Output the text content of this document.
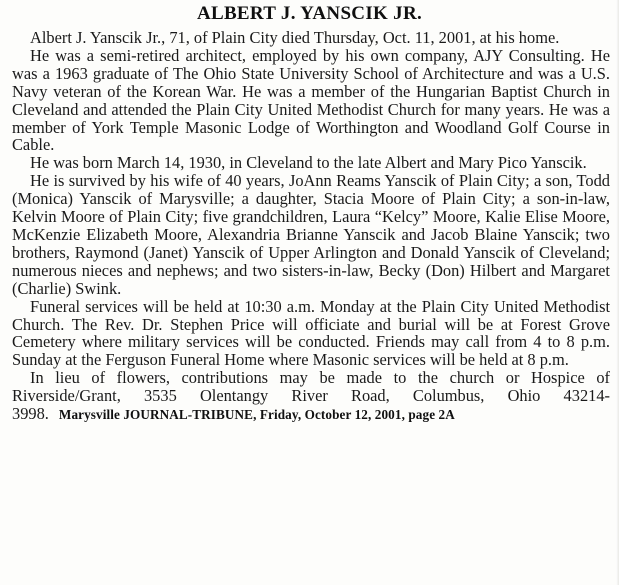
ALBERT J. YANSCIK JR.

Albert J. Yanscik Jr., 71, of Plain City died Thursday, Oct. 11, 2001, at his home.

He was a semi-retired architect, employed by his own company, AJY Consulting. He was a 1963 graduate of The Ohio State University School of Architecture and was a U.S. Navy veteran of the Korean War. He was a member of the Hungarian Baptist Church in Cleveland and attended the Plain City United Methodist Church for many years. He was a member of York Temple Masonic Lodge of Worthington and Woodland Golf Course in Cable.

He was born March 14, 1930, in Cleveland to the late Albert and Mary Pico Yanscik.

He is survived by his wife of 40 years, JoAnn Reams Yanscik of Plain City; a son, Todd (Monica) Yanscik of Marysville; a daughter, Stacia Moore of Plain City; a son-in-law, Kelvin Moore of Plain City; five grandchildren, Laura “Kelcy” Moore, Kalie Elise Moore, McKenzie Elizabeth Moore, Alexandria Brianne Yanscik and Jacob Blaine Yanscik; two brothers, Raymond (Janet) Yanscik of Upper Arlington and Donald Yanscik of Cleveland; numerous nieces and nephews; and two sisters-in-law, Becky (Don) Hilbert and Margaret (Charlie) Swink.

Funeral services will be held at 10:30 a.m. Monday at the Plain City United Methodist Church. The Rev. Dr. Stephen Price will officiate and burial will be at Forest Grove Cemetery where military services will be conducted. Friends may call from 4 to 8 p.m. Sunday at the Ferguson Funeral Home where Masonic services will be held at 8 p.m.

In lieu of flowers, contributions may be made to the church or Hospice of Riverside/Grant, 3535 Olentangy River Road, Columbus, Ohio 43214-3998. Marysville JOURNAL-TRIBUNE, Friday, October 12, 2001, page 2A
